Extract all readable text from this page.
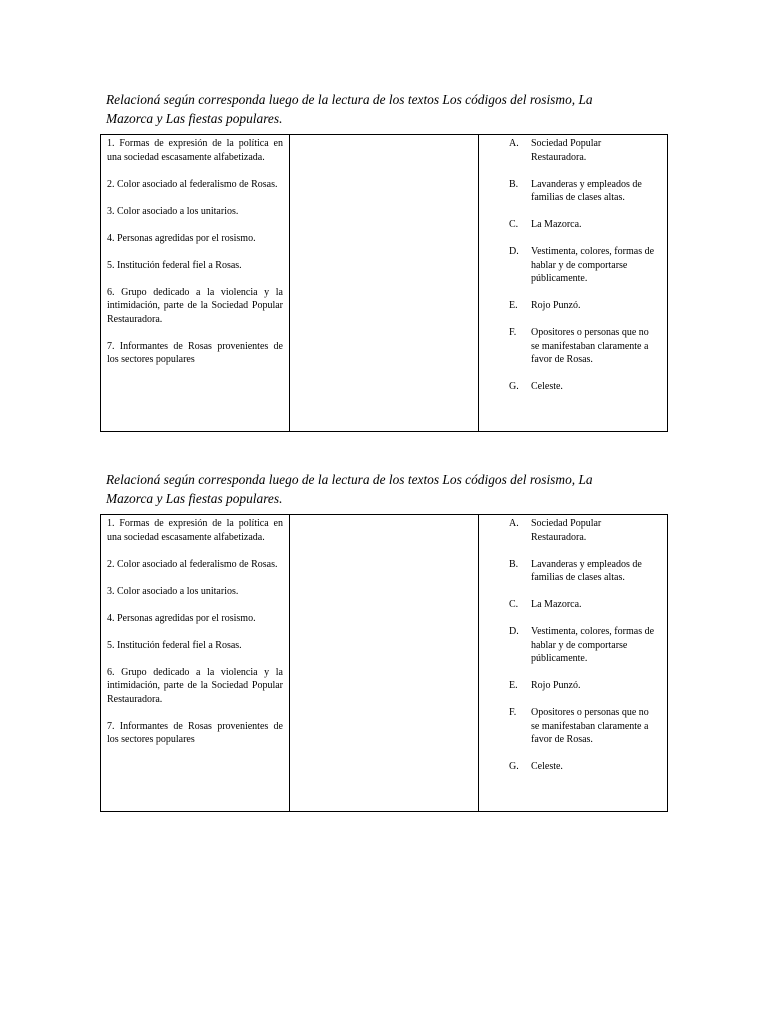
Relacioná según corresponda luego de la lectura de los textos Los códigos del rosismo, La Mazorca y Las fiestas populares.

1. Formas de expresión de la política en una sociedad escasamente alfabetizada.
2. Color asociado al federalismo de Rosas.
3. Color asociado a los unitarios.
4. Personas agredidas por el rosismo.
5. Institución federal fiel a Rosas.
6. Grupo dedicado a la violencia y la intimidación, parte de la Sociedad Popular Restauradora.
7. Informantes de Rosas provenientes de los sectores populares

A.	Sociedad Popular Restauradora.
B.	Lavanderas y empleados de familias de clases altas.
C.	La Mazorca.
D.	Vestimenta, colores, formas de hablar y de comportarse públicamente.
E.	Rojo Punzó.
F.	Opositores o personas que no se manifestaban claramente a favor de Rosas.
G.	Celeste.

Relacioná según corresponda luego de la lectura de los textos Los códigos del rosismo, La Mazorca y Las fiestas populares.

1. Formas de expresión de la política en una sociedad escasamente alfabetizada.
2. Color asociado al federalismo de Rosas.
3. Color asociado a los unitarios.
4. Personas agredidas por el rosismo.
5. Institución federal fiel a Rosas.
6. Grupo dedicado a la violencia y la intimidación, parte de la Sociedad Popular Restauradora.
7. Informantes de Rosas provenientes de los sectores populares

A.	Sociedad Popular Restauradora.
B.	Lavanderas y empleados de familias de clases altas.
C.	La Mazorca.
D.	Vestimenta, colores, formas de hablar y de comportarse públicamente.
E.	Rojo Punzó.
F.	Opositores o personas que no se manifestaban claramente a favor de Rosas.
G.	Celeste.
